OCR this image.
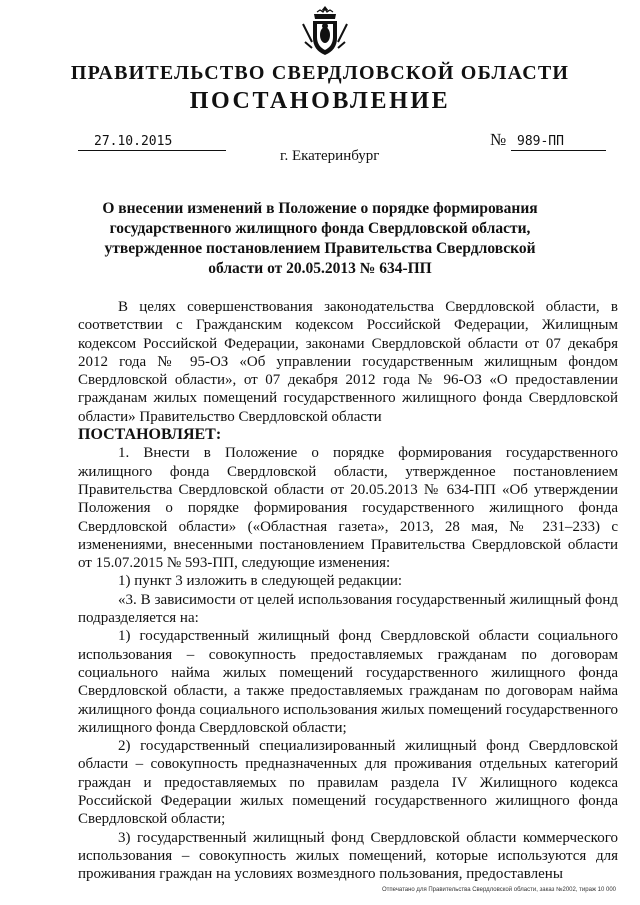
ПРАВИТЕЛЬСТВО СВЕРДЛОВСКОЙ ОБЛАСТИ
ПОСТАНОВЛЕНИЕ
27.10.2015	№ 989-ПП
г. Екатеринбург
О внесении изменений в Положение о порядке формирования государственного жилищного фонда Свердловской области, утвержденное постановлением Правительства Свердловской области от 20.05.2013 № 634-ПП

В целях совершенствования законодательства Свердловской области, в соответствии с Гражданским кодексом Российской Федерации, Жилищным кодексом Российской Федерации, законами Свердловской области от 07 декабря 2012 года № 95-ОЗ «Об управлении государственным жилищным фондом Свердловской области», от 07 декабря 2012 года № 96-ОЗ «О предоставлении гражданам жилых помещений государственного жилищного фонда Свердловской области» Правительство Свердловской области

ПОСТАНОВЛЯЕТ:

1. Внести в Положение о порядке формирования государственного жилищного фонда Свердловской области, утвержденное постановлением Правительства Свердловской области от 20.05.2013 № 634-ПП «Об утверждении Положения о порядке формирования государственного жилищного фонда Свердловской области» («Областная газета», 2013, 28 мая, № 231–233) с изменениями, внесенными постановлением Правительства Свердловской области от 15.07.2015 № 593-ПП, следующие изменения:

1) пункт 3 изложить в следующей редакции:

«3. В зависимости от целей использования государственный жилищный фонд подразделяется на:

1) государственный жилищный фонд Свердловской области социального использования – совокупность предоставляемых гражданам по договорам социального найма жилых помещений государственного жилищного фонда Свердловской области, а также предоставляемых гражданам по договорам найма жилищного фонда социального использования жилых помещений государственного жилищного фонда Свердловской области;

2) государственный специализированный жилищный фонд Свердловской области – совокупность предназначенных для проживания отдельных категорий граждан и предоставляемых по правилам раздела IV Жилищного кодекса Российской Федерации жилых помещений государственного жилищного фонда Свердловской области;

3) государственный жилищный фонд Свердловской области коммерческого использования – совокупность жилых помещений, которые используются для проживания граждан на условиях возмездного пользования, предоставлены

Отпечатано для Правительства Свердловской области, заказ №2002, тираж 10 000
